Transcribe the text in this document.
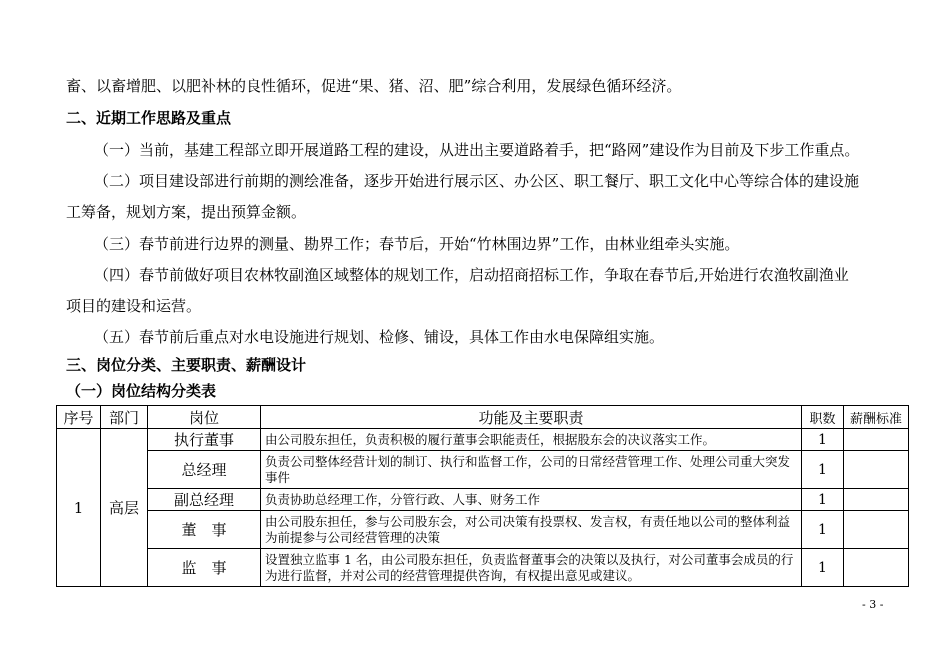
畜、以畜增肥、以肥补林的良性循环，促进“果、猪、沼、肥”综合利用，发展绿色循环经济。
二、近期工作思路及重点
（一）当前，基建工程部立即开展道路工程的建设，从进出主要道路着手，把“路网”建设作为目前及下步工作重点。
（二）项目建设部进行前期的测绘准备，逐步开始进行展示区、办公区、职工餐厅、职工文化中心等综合体的建设施
工筹备，规划方案，提出预算金额。
（三）春节前进行边界的测量、勘界工作；春节后，开始“竹林围边界”工作，由林业组牵头实施。
（四）春节前做好项目农林牧副渔区域整体的规划工作，启动招商招标工作，争取在春节后,开始进行农渔牧副渔业
项目的建设和运营。
（五）春节前后重点对水电设施进行规划、检修、铺设，具体工作由水电保障组实施。
三、岗位分类、主要职责、薪酬设计
（一）岗位结构分类表
序号	部门	岗位	功能及主要职责	职数	薪酬标准
1	高层	执行董事	由公司股东担任，负责积极的履行董事会职能责任，根据股东会的决议落实工作。	1	
		总经理	负责公司整体经营计划的制订、执行和监督工作，公司的日常经营管理工作、处理公司重大突发事件	1	
		副总经理	负责协助总经理工作，分管行政、人事、财务工作	1	
		董　事	由公司股东担任，参与公司股东会，对公司决策有投票权、发言权，有责任地以公司的整体利益为前提参与公司经营管理的决策	1	
		监　事	设置独立监事 1 名，由公司股东担任，负责监督董事会的决策以及执行，对公司董事会成员的行为进行监督，并对公司的经营管理提供咨询，有权提出意见或建议。	1	
- 3 -
